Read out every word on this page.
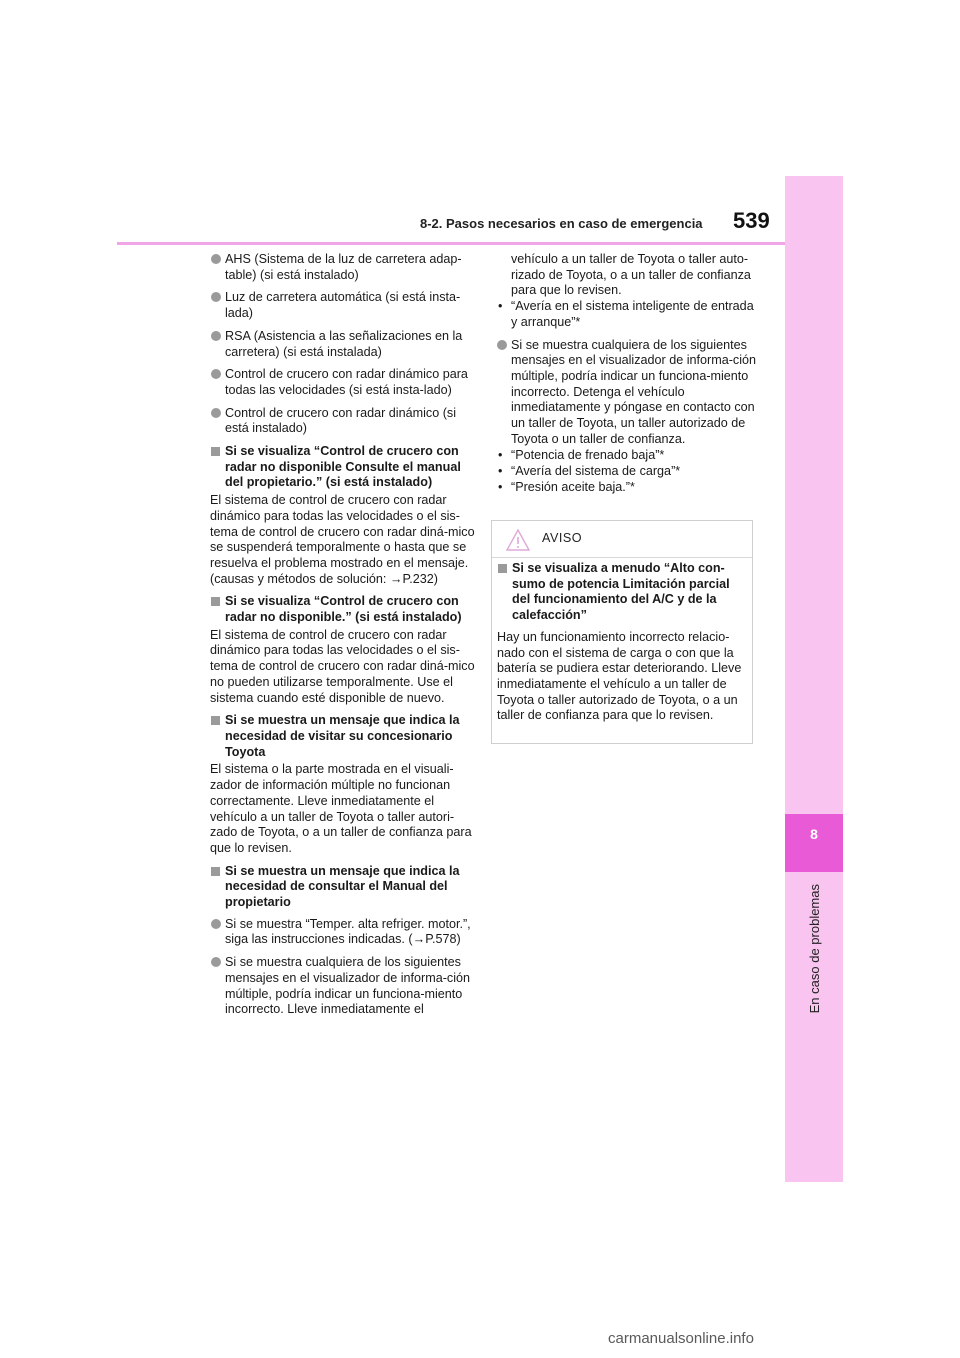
8
En caso de problemas
8-2. Pasos necesarios en caso de emergencia 539
AHS (Sistema de la luz de carretera adap-table) (si está instalado)
Luz de carretera automática (si está insta-lada)
RSA (Asistencia a las señalizaciones en la carretera) (si está instalada)
Control de crucero con radar dinámico para todas las velocidades (si está insta-lado)
Control de crucero con radar dinámico (si está instalado)
Si se visualiza “Control de crucero con radar no disponible Consulte el manual del propietario.” (si está instalado)
El sistema de control de crucero con radar dinámico para todas las velocidades o el sis-tema de control de crucero con radar diná-mico se suspenderá temporalmente o hasta que se resuelva el problema mostrado en el mensaje. (causas y métodos de solución: →P.232)
Si se visualiza “Control de crucero con radar no disponible.” (si está instalado)
El sistema de control de crucero con radar dinámico para todas las velocidades o el sis-tema de control de crucero con radar diná-mico no pueden utilizarse temporalmente. Use el sistema cuando esté disponible de nuevo.
Si se muestra un mensaje que indica la necesidad de visitar su concesionario Toyota
El sistema o la parte mostrada en el visuali-zador de información múltiple no funcionan correctamente. Lleve inmediatamente el vehículo a un taller de Toyota o taller autori-zado de Toyota, o a un taller de confianza para que lo revisen.
Si se muestra un mensaje que indica la necesidad de consultar el Manual del propietario
Si se muestra “Temper. alta refriger. motor.”, siga las instrucciones indicadas. (→P.578)
Si se muestra cualquiera de los siguientes mensajes en el visualizador de informa-ción múltiple, podría indicar un funciona-miento incorrecto. Lleve inmediatamente el
vehículo a un taller de Toyota o taller auto-rizado de Toyota, o a un taller de confianza para que lo revisen.
• “Avería en el sistema inteligente de entrada y arranque”*
Si se muestra cualquiera de los siguientes mensajes en el visualizador de informa-ción múltiple, podría indicar un funciona-miento incorrecto. Detenga el vehículo inmediatamente y póngase en contacto con un taller de Toyota, un taller autorizado de Toyota o un taller de confianza.
• “Potencia de frenado baja”*
• “Avería del sistema de carga”*
• “Presión aceite baja.”*
AVISO
Si se visualiza a menudo “Alto con-sumo de potencia Limitación parcial del funcionamiento del A/C y de la calefacción”
Hay un funcionamiento incorrecto relacio-nado con el sistema de carga o con que la batería se pudiera estar deteriorando. Lleve inmediatamente el vehículo a un taller de Toyota o taller autorizado de Toyota, o a un taller de confianza para que lo revisen.
carmanualsonline.info
